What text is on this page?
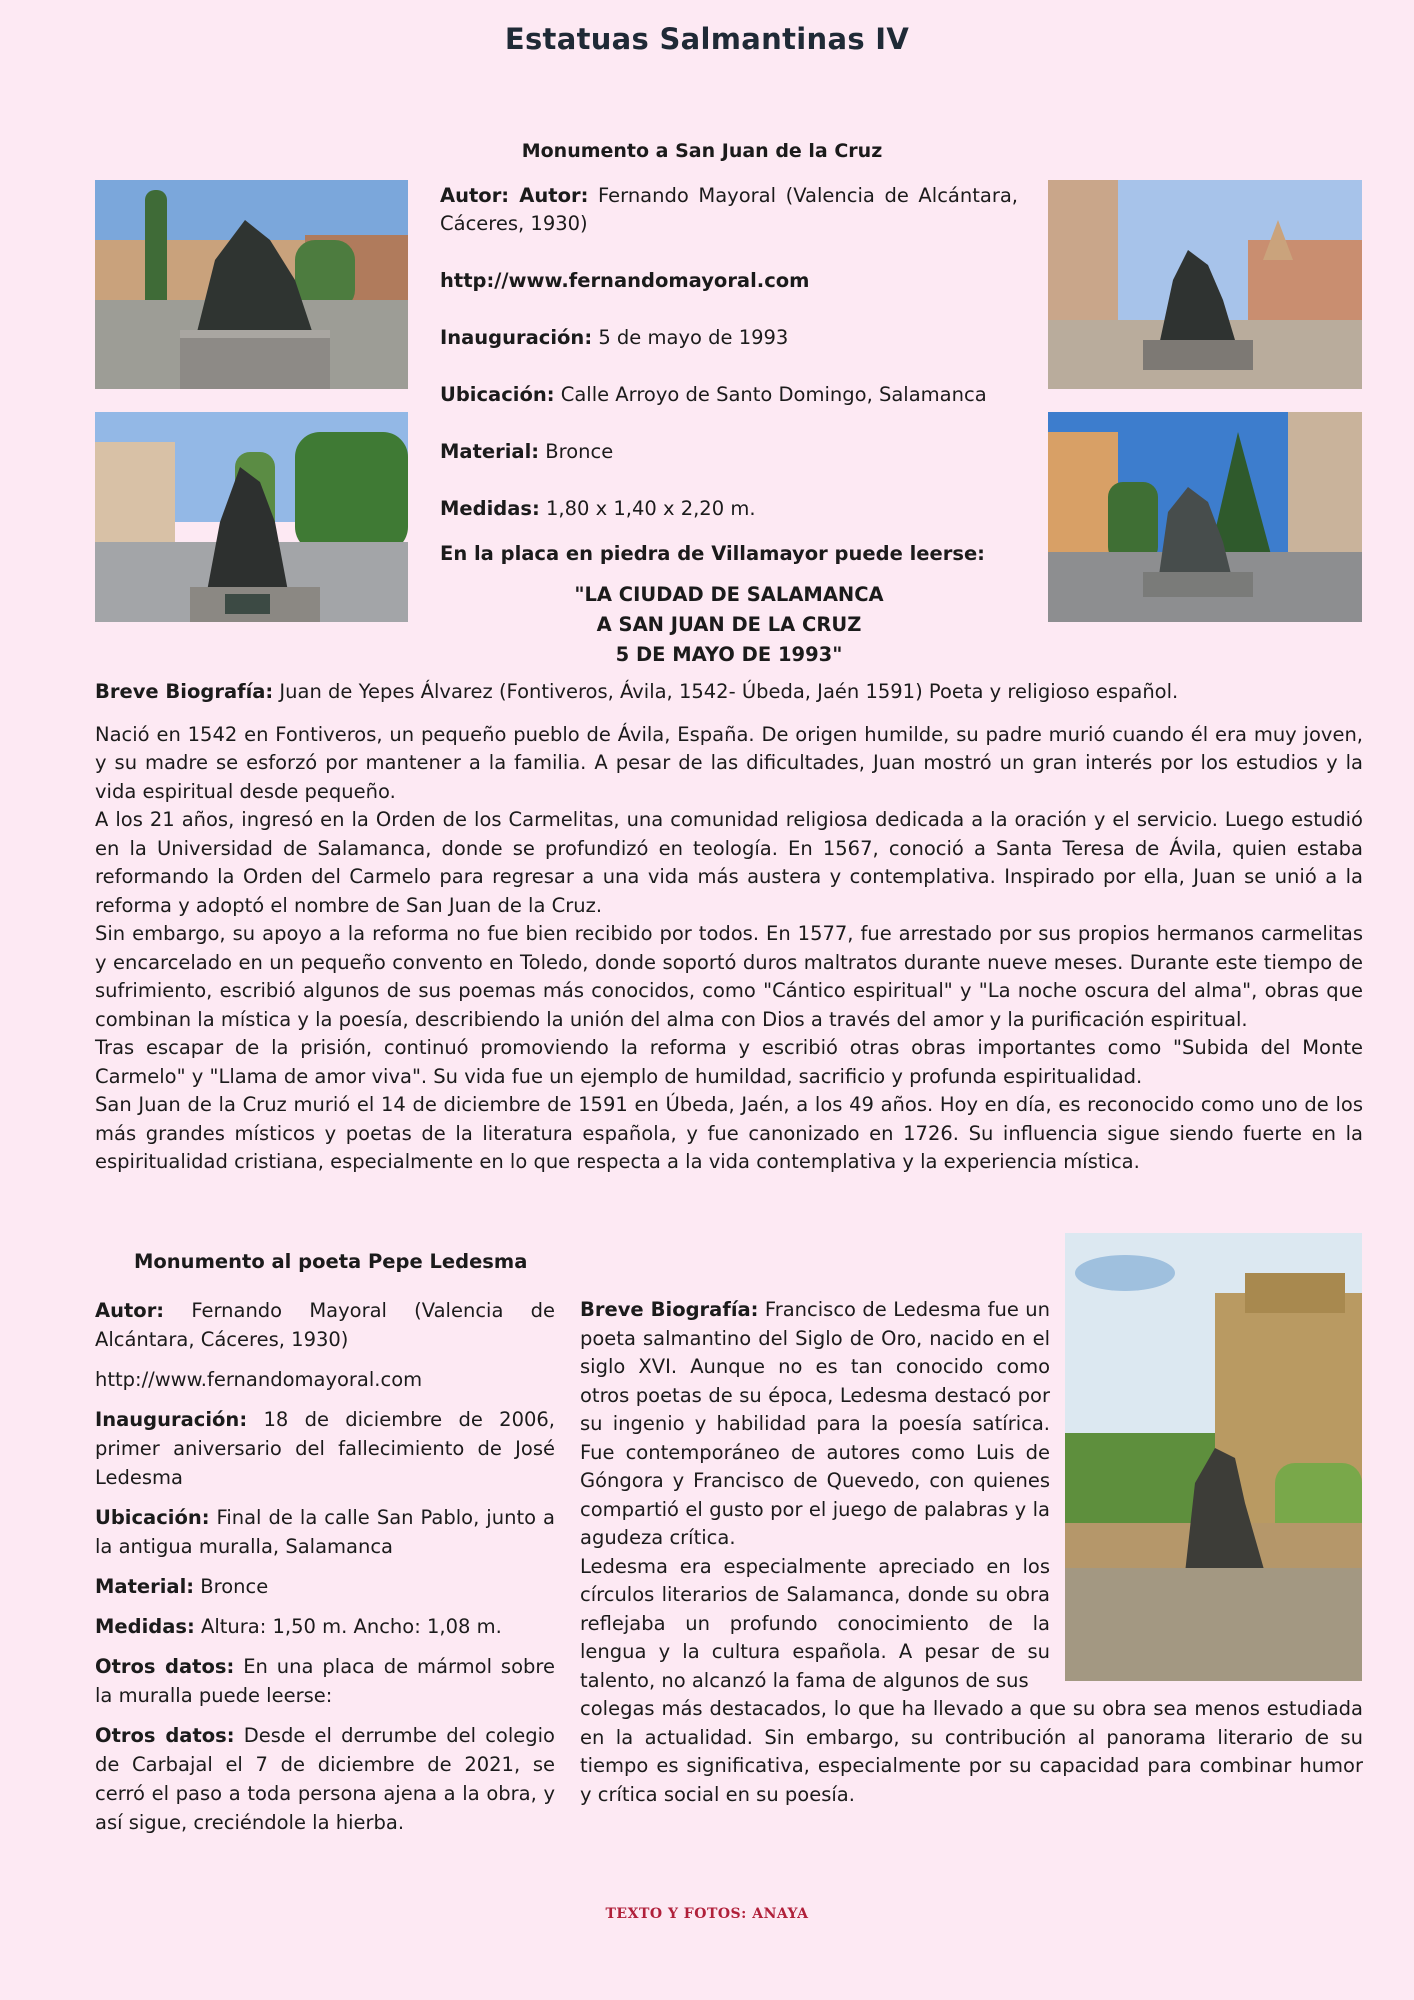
Estatuas Salmantinas IV
Monumento a San Juan de la Cruz

Autor: Autor: Fernando Mayoral (Valencia de Alcántara, Cáceres, 1930)

http://www.fernandomayoral.com

Inauguración: 5 de mayo de 1993

Ubicación: Calle Arroyo de Santo Domingo, Salamanca

Material: Bronce

Medidas: 1,80 x 1,40 x 2,20 m.

En la placa en piedra de Villamayor puede leerse:

"LA CIUDAD DE SALAMANCA
A SAN JUAN DE LA CRUZ
5 DE MAYO DE 1993"

Breve Biografía: Juan de Yepes Álvarez (Fontiveros, Ávila, 1542- Úbeda, Jaén 1591) Poeta y religioso español.

Nació en 1542 en Fontiveros, un pequeño pueblo de Ávila, España. De origen humilde, su padre murió cuando él era muy joven, y su madre se esforzó por mantener a la familia. A pesar de las dificultades, Juan mostró un gran interés por los estudios y la vida espiritual desde pequeño.

A los 21 años, ingresó en la Orden de los Carmelitas, una comunidad religiosa dedicada a la oración y el servicio. Luego estudió en la Universidad de Salamanca, donde se profundizó en teología. En 1567, conoció a Santa Teresa de Ávila, quien estaba reformando la Orden del Carmelo para regresar a una vida más austera y contemplativa. Inspirado por ella, Juan se unió a la reforma y adoptó el nombre de San Juan de la Cruz.

Sin embargo, su apoyo a la reforma no fue bien recibido por todos. En 1577, fue arrestado por sus propios hermanos carmelitas y encarcelado en un pequeño convento en Toledo, donde soportó duros maltratos durante nueve meses. Durante este tiempo de sufrimiento, escribió algunos de sus poemas más conocidos, como "Cántico espiritual" y "La noche oscura del alma", obras que combinan la mística y la poesía, describiendo la unión del alma con Dios a través del amor y la purificación espiritual.

Tras escapar de la prisión, continuó promoviendo la reforma y escribió otras obras importantes como "Subida del Monte Carmelo" y "Llama de amor viva". Su vida fue un ejemplo de humildad, sacrificio y profunda espiritualidad.

San Juan de la Cruz murió el 14 de diciembre de 1591 en Úbeda, Jaén, a los 49 años. Hoy en día, es reconocido como uno de los más grandes místicos y poetas de la literatura española, y fue canonizado en 1726. Su influencia sigue siendo fuerte en la espiritualidad cristiana, especialmente en lo que respecta a la vida contemplativa y la experiencia mística.

Monumento al poeta Pepe Ledesma

Autor: Fernando Mayoral (Valencia de Alcántara, Cáceres, 1930)

http://www.fernandomayoral.com

Inauguración: 18 de diciembre de 2006, primer aniversario del fallecimiento de José Ledesma

Ubicación: Final de la calle San Pablo, junto a la antigua muralla, Salamanca

Material: Bronce

Medidas: Altura: 1,50 m. Ancho: 1,08 m.

Otros datos: En una placa de mármol sobre la muralla puede leerse:

Otros datos: Desde el derrumbe del colegio de Carbajal el 7 de diciembre de 2021, se cerró el paso a toda persona ajena a la obra, y así sigue, creciéndole la hierba.

Breve Biografía: Francisco de Ledesma fue un poeta salmantino del Siglo de Oro, nacido en el siglo XVI. Aunque no es tan conocido como otros poetas de su época, Ledesma destacó por su ingenio y habilidad para la poesía satírica. Fue contemporáneo de autores como Luis de Góngora y Francisco de Quevedo, con quienes compartió el gusto por el juego de palabras y la agudeza crítica.

Ledesma era especialmente apreciado en los círculos literarios de Salamanca, donde su obra reflejaba un profundo conocimiento de la lengua y la cultura española. A pesar de su talento, no alcanzó la fama de algunos de sus

colegas más destacados, lo que ha llevado a que su obra sea menos estudiada en la actualidad. Sin embargo, su contribución al panorama literario de su tiempo es significativa, especialmente por su capacidad para combinar humor y crítica social en su poesía.

TEXTO Y FOTOS: ANAYA
